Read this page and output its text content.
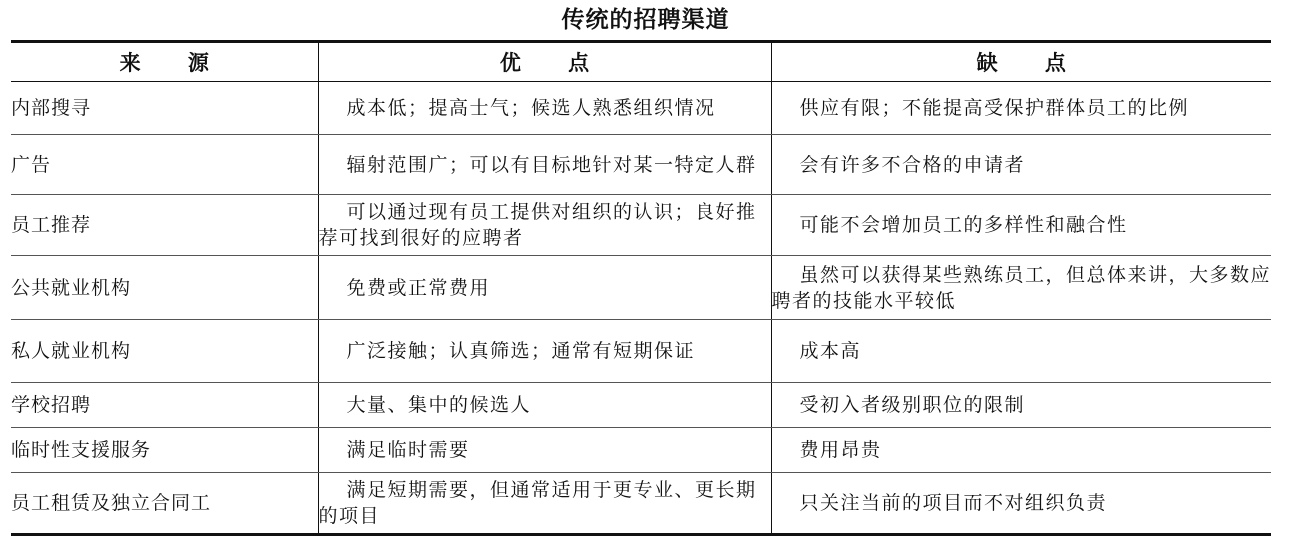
传统的招聘渠道
来 源	优 点	缺 点
内部搜寻	成本低；提高士气；候选人熟悉组织情况	供应有限；不能提高受保护群体员工的比例
广告	辐射范围广；可以有目标地针对某一特定人群	会有许多不合格的申请者
员工推荐	可以通过现有员工提供对组织的认识；良好推荐可找到很好的应聘者	可能不会增加员工的多样性和融合性
公共就业机构	免费或正常费用	虽然可以获得某些熟练员工，但总体来讲，大多数应聘者的技能水平较低
私人就业机构	广泛接触；认真筛选；通常有短期保证	成本高
学校招聘	大量、集中的候选人	受初入者级别职位的限制
临时性支援服务	满足临时需要	费用昂贵
员工租赁及独立合同工	满足短期需要，但通常适用于更专业、更长期的项目	只关注当前的项目而不对组织负责
